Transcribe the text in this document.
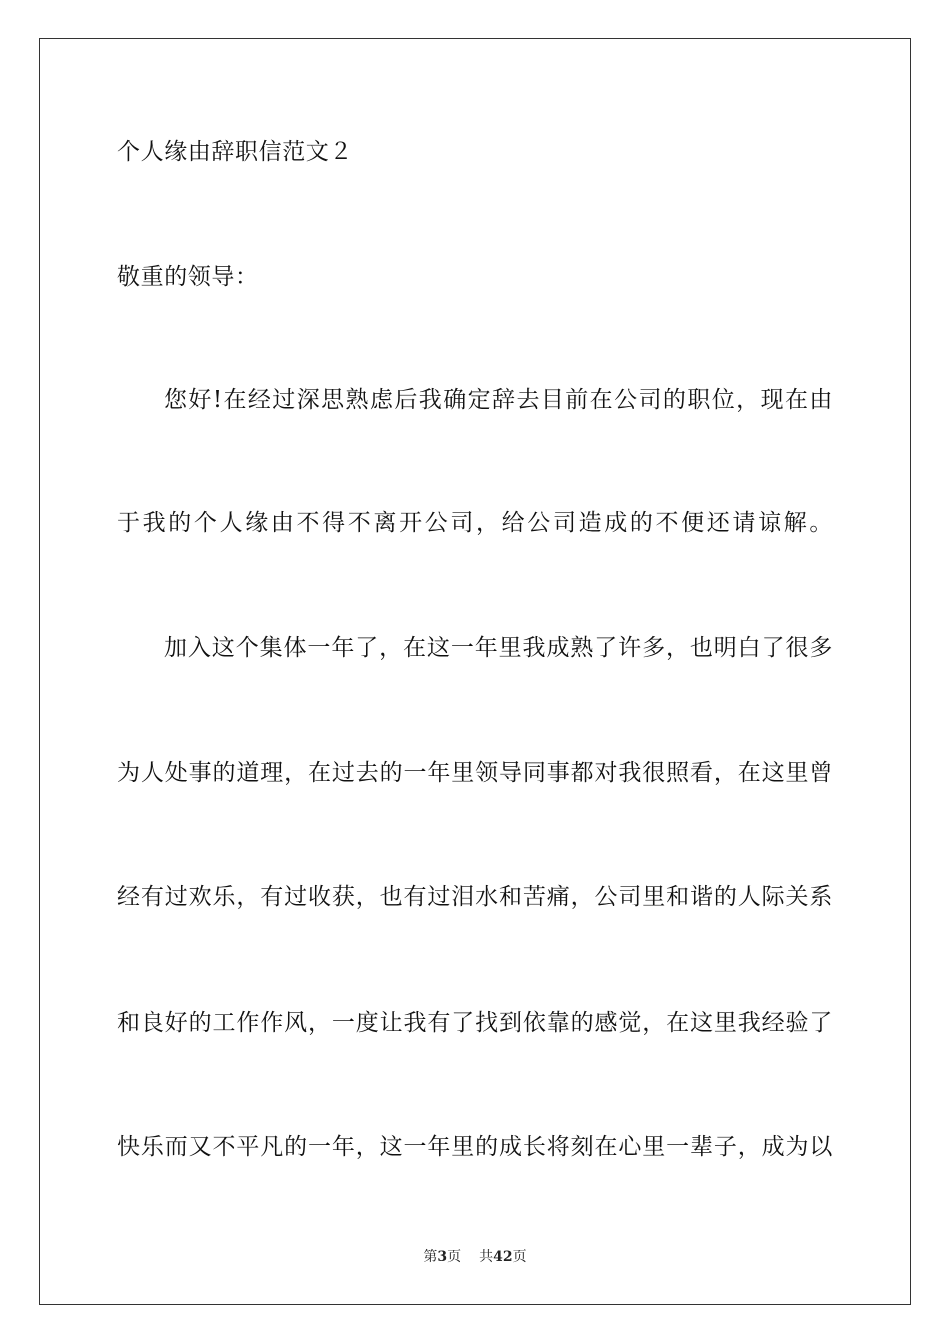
个人缘由辞职信范文２
敬重的领导：
您好!在经过深思熟虑后我确定辞去目前在公司的职位，现在由
于我的个人缘由不得不离开公司，给公司造成的不便还请谅解。
加入这个集体一年了，在这一年里我成熟了许多，也明白了很多
为人处事的道理，在过去的一年里领导同事都对我很照看，在这里曾
经有过欢乐，有过收获，也有过泪水和苦痛，公司里和谐的人际关系
和良好的工作作风，一度让我有了找到依靠的感觉，在这里我经验了
快乐而又不平凡的一年，这一年里的成长将刻在心里一辈子，成为以
第3页 共42页
